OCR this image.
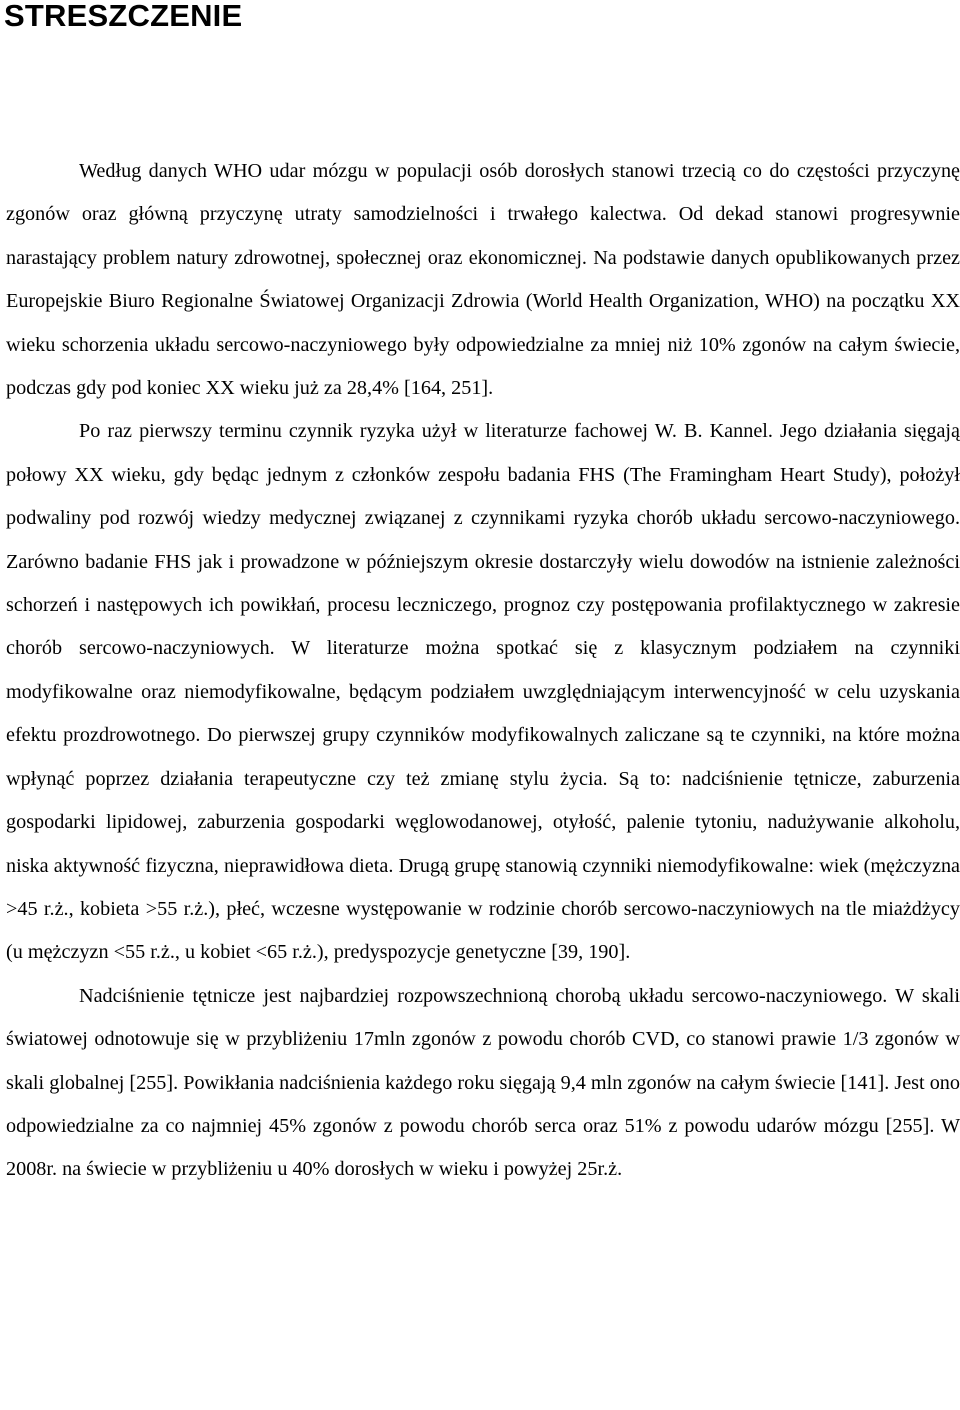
STRESZCZENIE

Według danych WHO udar mózgu w populacji osób dorosłych stanowi trzecią co do częstości przyczynę zgonów oraz główną przyczynę utraty samodzielności i trwałego kalectwa. Od dekad stanowi progresywnie narastający problem natury zdrowotnej, społecznej oraz ekonomicznej. Na podstawie danych opublikowanych przez Europejskie Biuro Regionalne Światowej Organizacji Zdrowia (World Health Organization, WHO) na początku XX wieku schorzenia układu sercowo-naczyniowego były odpowiedzialne za mniej niż 10% zgonów na całym świecie, podczas gdy pod koniec XX wieku już za 28,4% [164, 251].

Po raz pierwszy terminu czynnik ryzyka użył w literaturze fachowej W. B. Kannel. Jego działania sięgają połowy XX wieku, gdy będąc jednym z członków zespołu badania FHS (The Framingham Heart Study), położył podwaliny pod rozwój wiedzy medycznej związanej z czynnikami ryzyka chorób układu sercowo-naczyniowego. Zarówno badanie FHS jak i prowadzone w późniejszym okresie dostarczyły wielu dowodów na istnienie zależności schorzeń i następowych ich powikłań, procesu leczniczego, prognoz czy postępowania profilaktycznego w zakresie chorób sercowo-naczyniowych. W literaturze można spotkać się z klasycznym podziałem na czynniki modyfikowalne oraz niemodyfikowalne, będącym podziałem uwzględniającym interwencyjność w celu uzyskania efektu prozdrowotnego. Do pierwszej grupy czynników modyfikowalnych zaliczane są te czynniki, na które można wpłynąć poprzez działania terapeutyczne czy też zmianę stylu życia. Są to: nadciśnienie tętnicze, zaburzenia gospodarki lipidowej, zaburzenia gospodarki węglowodanowej, otyłość, palenie tytoniu, nadużywanie alkoholu, niska aktywność fizyczna, nieprawidłowa dieta. Drugą grupę stanowią czynniki niemodyfikowalne: wiek (mężczyzna >45 r.ż., kobieta >55 r.ż.), płeć, wczesne występowanie w rodzinie chorób sercowo-naczyniowych na tle miażdżycy (u mężczyzn <55 r.ż., u kobiet <65 r.ż.), predyspozycje genetyczne [39, 190].

Nadciśnienie tętnicze jest najbardziej rozpowszechnioną chorobą układu sercowo-naczyniowego. W skali światowej odnotowuje się w przybliżeniu 17mln zgonów z powodu chorób CVD, co stanowi prawie 1/3 zgonów w skali globalnej [255]. Powikłania nadciśnienia każdego roku sięgają 9,4 mln zgonów na całym świecie [141]. Jest ono odpowiedzialne za co najmniej 45% zgonów z powodu chorób serca oraz 51% z powodu udarów mózgu [255]. W 2008r. na świecie w przybliżeniu u 40% dorosłych w wieku i powyżej 25r.ż.
